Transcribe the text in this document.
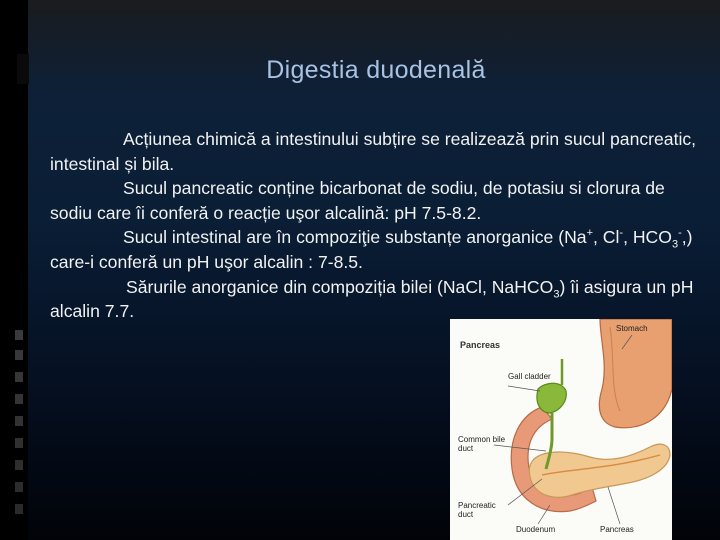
Digestia duodenală

Acțiunea chimică a intestinului subțire se realizează prin sucul pancreatic, intestinal și bila.

Sucul pancreatic conține bicarbonat de sodiu, de potasiu si clorura de sodiu care îi conferă o reacție uşor alcalină: pH 7.5-8.2.

Sucul intestinal are în compoziţie substanțe anorganice (Na+, Cl-, $HCO_3^-$,) care-i conferă un pH uşor alcalin : 7-8.5.

Sărurile anorganice din compoziția bilei (NaCl, NaHCO$_3$) îi asigura un pH alcalin 7.7.

Pancreas
Stomach
Gall cladder
Common bile duct
Pancreatic duct
Duodenum	Pancreas
